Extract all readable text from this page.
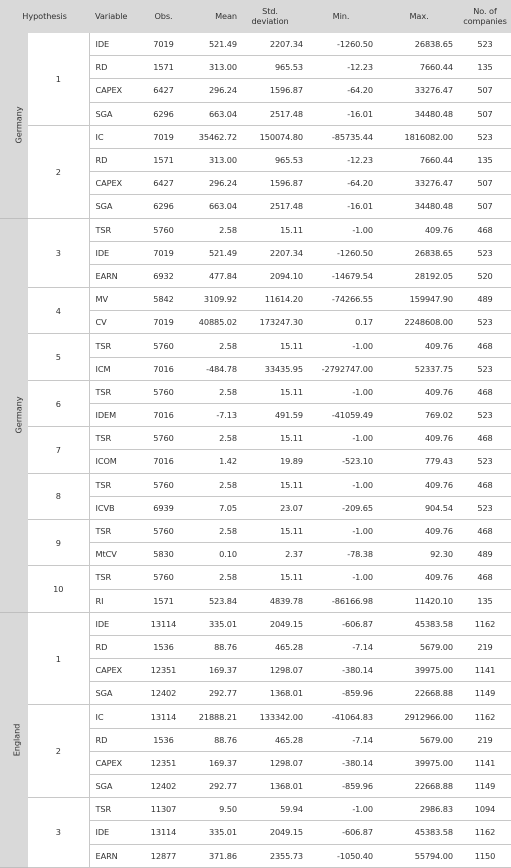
Hypothesis		Variable	Obs.	Mean	Std.
deviation	Min.	Max.	No. of
companies
Germany	1	IDE	7019	521.49	2207.34	-1260.50	26838.65	523
		RD	1571	313.00	965.53	-12.23	7660.44	135
		CAPEX	6427	296.24	1596.87	-64.20	33276.47	507
		SGA	6296	663.04	2517.48	-16.01	34480.48	507
	2	IC	7019	35462.72	150074.80	-85735.44	1816082.00	523
		RD	1571	313.00	965.53	-12.23	7660.44	135
		CAPEX	6427	296.24	1596.87	-64.20	33276.47	507
		SGA	6296	663.04	2517.48	-16.01	34480.48	507
Germany	3	TSR	5760	2.58	15.11	-1.00	409.76	468
		IDE	7019	521.49	2207.34	-1260.50	26838.65	523
		EARN	6932	477.84	2094.10	-14679.54	28192.05	520
	4	MV	5842	3109.92	11614.20	-74266.55	159947.90	489
		CV	7019	40885.02	173247.30	0.17	2248608.00	523
	5	TSR	5760	2.58	15.11	-1.00	409.76	468
		ICM	7016	-484.78	33435.95	-2792747.00	52337.75	523
	6	TSR	5760	2.58	15.11	-1.00	409.76	468
		IDEM	7016	-7.13	491.59	-41059.49	769.02	523
	7	TSR	5760	2.58	15.11	-1.00	409.76	468
		ICOM	7016	1.42	19.89	-523.10	779.43	523
	8	TSR	5760	2.58	15.11	-1.00	409.76	468
		ICVB	6939	7.05	23.07	-209.65	904.54	523
	9	TSR	5760	2.58	15.11	-1.00	409.76	468
		MtCV	5830	0.10	2.37	-78.38	92.30	489
	10	TSR	5760	2.58	15.11	-1.00	409.76	468
		RI	1571	523.84	4839.78	-86166.98	11420.10	135
England	1	IDE	13114	335.01	2049.15	-606.87	45383.58	1162
		RD	1536	88.76	465.28	-7.14	5679.00	219
		CAPEX	12351	169.37	1298.07	-380.14	39975.00	1141
		SGA	12402	292.77	1368.01	-859.96	22668.88	1149
	2	IC	13114	21888.21	133342.00	-41064.83	2912966.00	1162
		RD	1536	88.76	465.28	-7.14	5679.00	219
		CAPEX	12351	169.37	1298.07	-380.14	39975.00	1141
		SGA	12402	292.77	1368.01	-859.96	22668.88	1149
	3	TSR	11307	9.50	59.94	-1.00	2986.83	1094
		IDE	13114	335.01	2049.15	-606.87	45383.58	1162
		EARN	12877	371.86	2355.73	-1050.40	55794.00	1150
